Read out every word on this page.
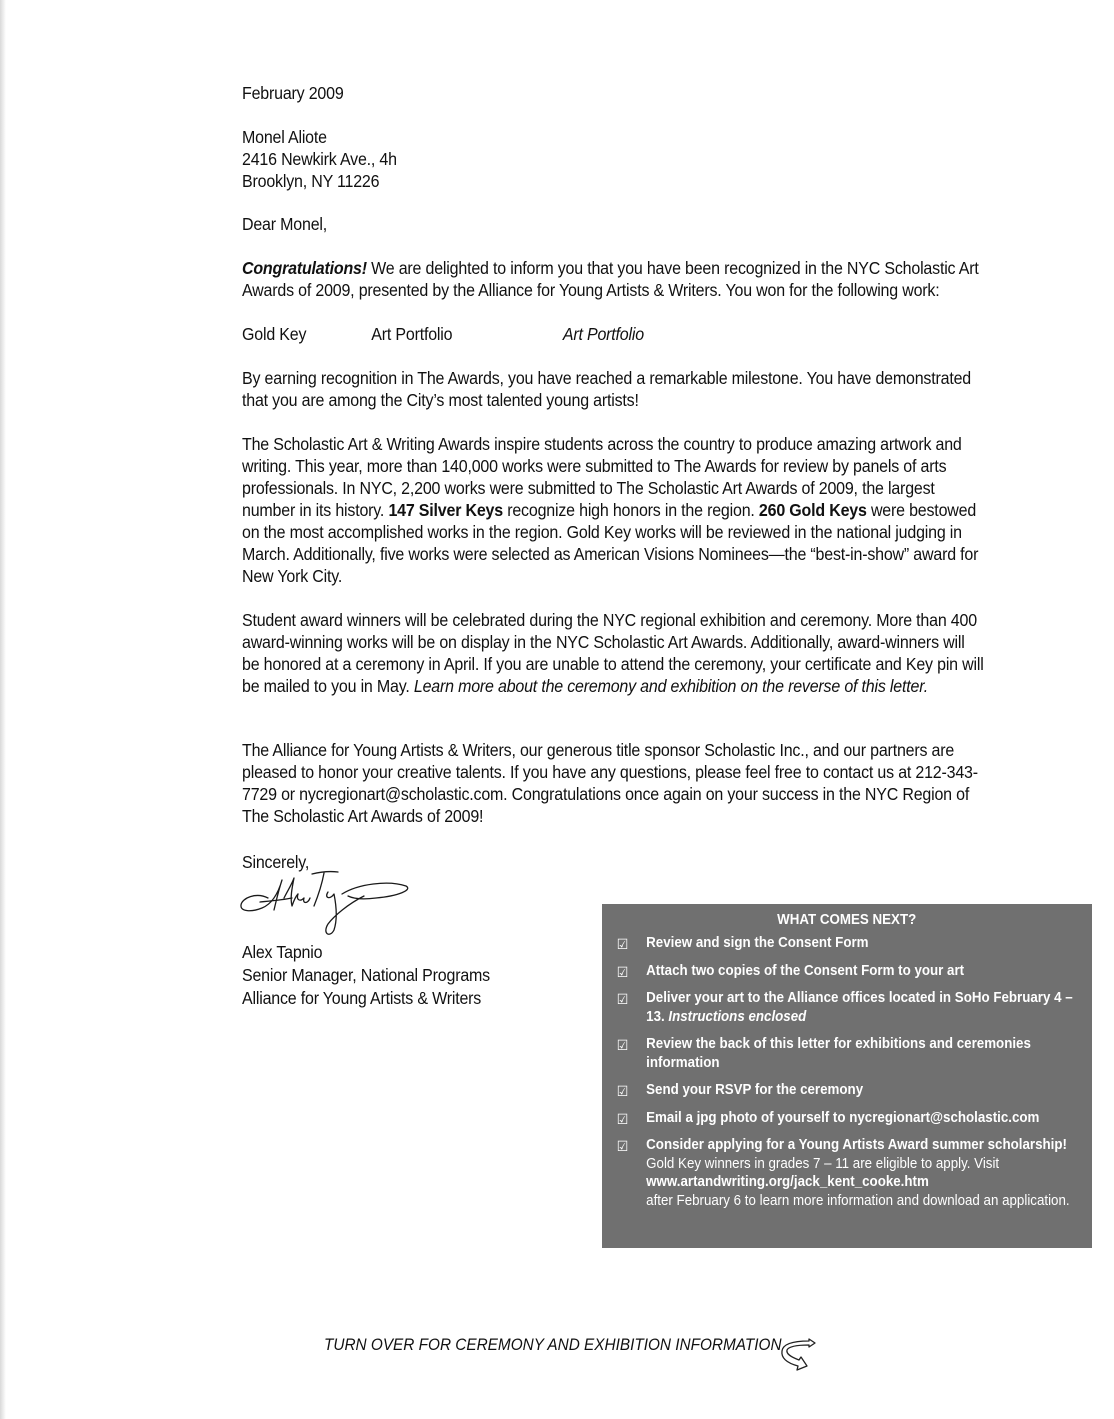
February 2009

Monel Aliote

2416 Newkirk Ave., 4h

Brooklyn, NY 11226

Dear Monel,

Congratulations! We are delighted to inform you that you have been recognized in the NYC Scholastic Art Awards of 2009, presented by the Alliance for Young Artists & Writers. You won for the following work:

Gold Key	Art Portfolio	Art Portfolio

By earning recognition in The Awards, you have reached a remarkable milestone. You have demonstrated that you are among the City’s most talented young artists!

The Scholastic Art & Writing Awards inspire students across the country to produce amazing artwork and writing. This year, more than 140,000 works were submitted to The Awards for review by panels of arts professionals. In NYC, 2,200 works were submitted to The Scholastic Art Awards of 2009, the largest number in its history. 147 Silver Keys recognize high honors in the region. 260 Gold Keys were bestowed on the most accomplished works in the region. Gold Key works will be reviewed in the national judging in March. Additionally, five works were selected as American Visions Nominees—the “best-in-show” award for New York City.

Student award winners will be celebrated during the NYC regional exhibition and ceremony. More than 400 award-winning works will be on display in the NYC Scholastic Art Awards. Additionally, award-winners will be honored at a ceremony in April. If you are unable to attend the ceremony, your certificate and Key pin will be mailed to you in May. Learn more about the ceremony and exhibition on the reverse of this letter.

The Alliance for Young Artists & Writers, our generous title sponsor Scholastic Inc., and our partners are pleased to honor your creative talents. If you have any questions, please feel free to contact us at 212-343-7729 or nycregionart@scholastic.com. Congratulations once again on your success in the NYC Region of The Scholastic Art Awards of 2009!

Sincerely,

Alex Tapnio

Senior Manager, National Programs

Alliance for Young Artists & Writers

WHAT COMES NEXT?
☑ Review and sign the Consent Form
☑ Attach two copies of the Consent Form to your art
☑ Deliver your art to the Alliance offices located in SoHo February 4 – 13. Instructions enclosed
☑ Review the back of this letter for exhibitions and ceremonies information
☑ Send your RSVP for the ceremony
☑ Email a jpg photo of yourself to nycregionart@scholastic.com
☑ Consider applying for a Young Artists Award summer scholarship! Gold Key winners in grades 7 – 11 are eligible to apply. Visit www.artandwriting.org/jack_kent_cooke.htm
after February 6 to learn more information and download an application.
TURN OVER FOR CEREMONY AND EXHIBITION INFORMATION
